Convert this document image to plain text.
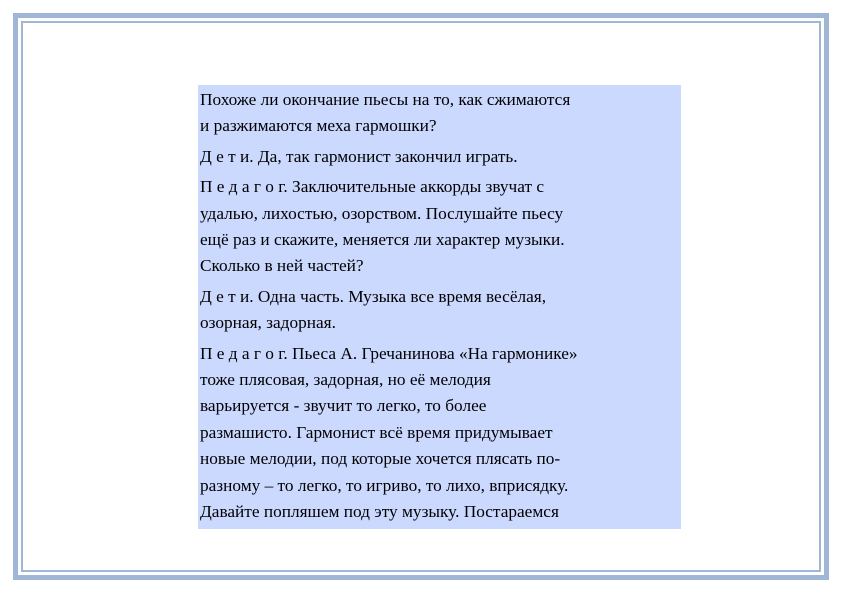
Похоже ли окончание пьесы на то, как сжимаются
и разжимаются меха гармошки?

Д е т и. Да, так гармонист закончил играть.

П е д а г о г. Заключительные аккорды звучат с
удалью, лихостью, озорством. Послушайте пьесу
ещё раз и скажите, меняется ли характер музыки.
Сколько в ней частей?

Д е т и. Одна часть. Музыка все время весёлая,
озорная, задорная.

П е д а г о г. Пьеса А. Гречанинова «На гармонике»
тоже плясовая, задорная, но её мелодия
варьируется - звучит то легко, то более
размашисто. Гармонист всё время придумывает
новые мелодии, под которые хочется плясать по-
разному – то легко, то игриво, то лихо, вприсядку.
Давайте попляшем под эту музыку. Постараемся
